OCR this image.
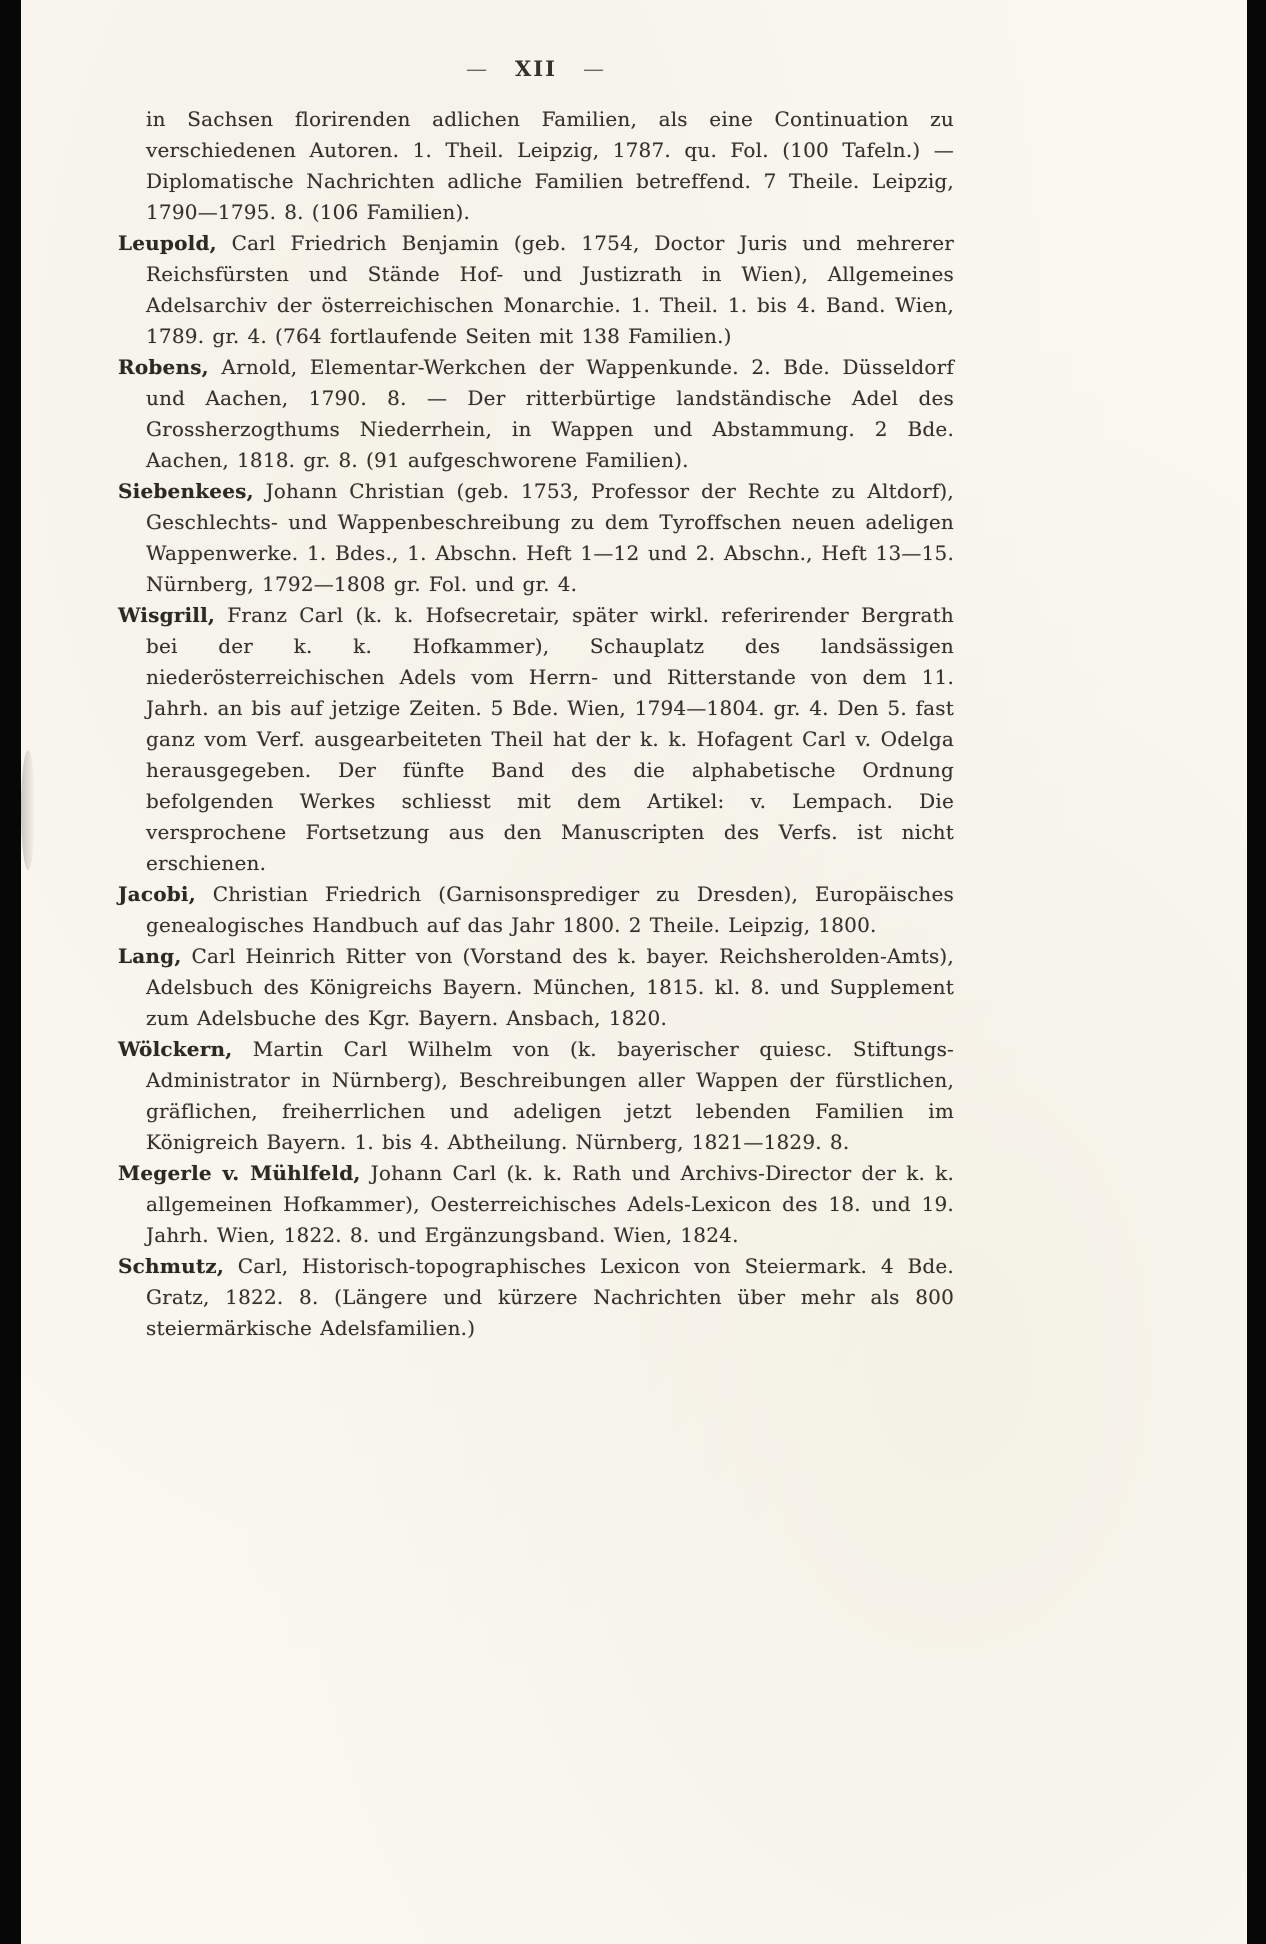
— XII —

in Sachsen florirenden adlichen Familien, als eine Continuation zu verschiedenen Autoren. 1. Theil. Leipzig, 1787. qu. Fol. (100 Tafeln.) — Diplomatische Nachrichten adliche Familien betreffend. 7 Theile. Leipzig, 1790—1795. 8. (106 Familien).

Leupold, Carl Friedrich Benjamin (geb. 1754, Doctor Juris und mehrerer Reichsfürsten und Stände Hof- und Justizrath in Wien), Allgemeines Adelsarchiv der österreichischen Monarchie. 1. Theil. 1. bis 4. Band. Wien, 1789. gr. 4. (764 fortlaufende Seiten mit 138 Familien.)

Robens, Arnold, Elementar-Werkchen der Wappenkunde. 2. Bde. Düsseldorf und Aachen, 1790. 8. — Der ritterbürtige landständische Adel des Grossherzogthums Niederrhein, in Wappen und Abstammung. 2 Bde. Aachen, 1818. gr. 8. (91 aufgeschworene Familien).

Siebenkees, Johann Christian (geb. 1753, Professor der Rechte zu Altdorf), Geschlechts- und Wappenbeschreibung zu dem Tyroffschen neuen adeligen Wappenwerke. 1. Bdes., 1. Abschn. Heft 1—12 und 2. Abschn., Heft 13—15. Nürnberg, 1792—1808 gr. Fol. und gr. 4.

Wisgrill, Franz Carl (k. k. Hofsecretair, später wirkl. referirender Bergrath bei der k. k. Hofkammer), Schauplatz des landsässigen niederösterreichischen Adels vom Herrn- und Ritterstande von dem 11. Jahrh. an bis auf jetzige Zeiten. 5 Bde. Wien, 1794—1804. gr. 4. Den 5. fast ganz vom Verf. ausgearbeiteten Theil hat der k. k. Hofagent Carl v. Odelga herausgegeben. Der fünfte Band des die alphabetische Ordnung befolgenden Werkes schliesst mit dem Artikel: v. Lempach. Die versprochene Fortsetzung aus den Manuscripten des Verfs. ist nicht erschienen.

Jacobi, Christian Friedrich (Garnisonsprediger zu Dresden), Europäisches genealogisches Handbuch auf das Jahr 1800. 2 Theile. Leipzig, 1800.

Lang, Carl Heinrich Ritter von (Vorstand des k. bayer. Reichsherolden-Amts), Adelsbuch des Königreichs Bayern. München, 1815. kl. 8. und Supplement zum Adelsbuche des Kgr. Bayern. Ansbach, 1820.

Wölckern, Martin Carl Wilhelm von (k. bayerischer quiesc. Stiftungs-Administrator in Nürnberg), Beschreibungen aller Wappen der fürstlichen, gräflichen, freiherrlichen und adeligen jetzt lebenden Familien im Königreich Bayern. 1. bis 4. Abtheilung. Nürnberg, 1821—1829. 8.

Megerle v. Mühlfeld, Johann Carl (k. k. Rath und Archivs-Director der k. k. allgemeinen Hofkammer), Oesterreichisches Adels-Lexicon des 18. und 19. Jahrh. Wien, 1822. 8. und Ergänzungsband. Wien, 1824.

Schmutz, Carl, Historisch-topographisches Lexicon von Steiermark. 4 Bde. Gratz, 1822. 8. (Längere und kürzere Nachrichten über mehr als 800 steiermärkische Adelsfamilien.)
